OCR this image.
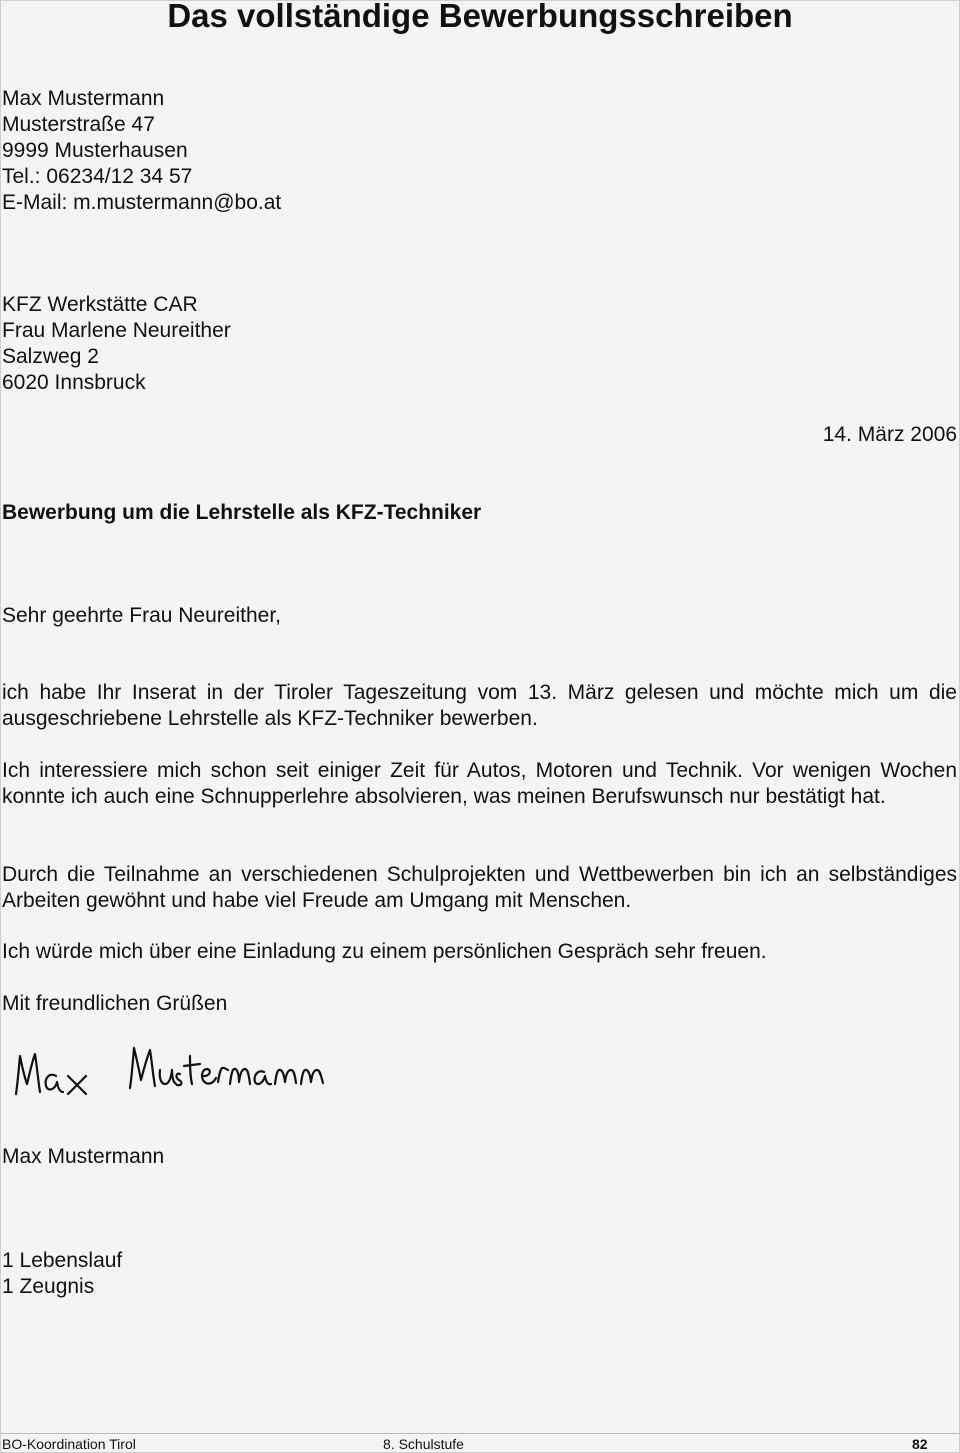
Das vollständige Bewerbungsschreiben
Max Mustermann
Musterstraße 47
9999 Musterhausen
Tel.: 06234/12 34 57
E-Mail: m.mustermann@bo.at
KFZ Werkstätte CAR
Frau Marlene Neureither
Salzweg 2
6020 Innsbruck
14. März 2006
Bewerbung um die Lehrstelle als KFZ-Techniker
Sehr geehrte Frau Neureither,

ich habe Ihr Inserat in der Tiroler Tageszeitung vom 13. März gelesen und möchte mich um die ausgeschriebene Lehrstelle als KFZ-Techniker bewerben.

Ich interessiere mich schon seit einiger Zeit für Autos, Motoren und Technik. Vor wenigen Wochen konnte ich auch eine Schnupperlehre absolvieren, was meinen Berufswunsch nur bestätigt hat.

Durch die Teilnahme an verschiedenen Schulprojekten und Wettbewerben bin ich an selbständiges Arbeiten gewöhnt und habe viel Freude am Umgang mit Menschen.

Ich würde mich über eine Einladung zu einem persönlichen Gespräch sehr freuen.

Mit freundlichen Grüßen
Max Mustermann
1 Lebenslauf
1 Zeugnis
BO-Koordination Tirol	8. Schulstufe	82
